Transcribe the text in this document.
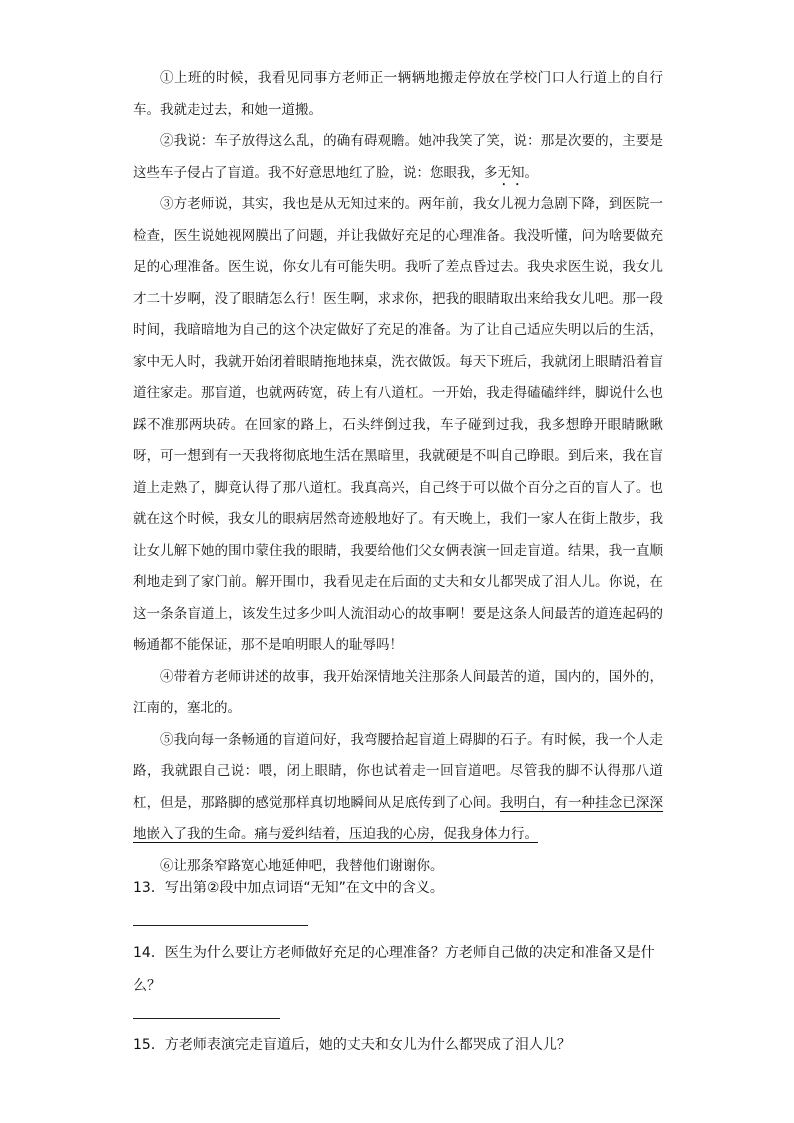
①上班的时候，我看见同事方老师正一辆辆地搬走停放在学校门口人行道上的自行车。我就走过去，和她一道搬。

②我说：车子放得这么乱，的确有碍观瞻。她冲我笑了笑，说：那是次要的，主要是这些车子侵占了盲道。我不好意思地红了脸，说：您眼我，多无知。

③方老师说，其实，我也是从无知过来的。两年前，我女儿视力急剧下降，到医院一检查，医生说她视网膜出了问题，并让我做好充足的心理准备。我没听懂，问为啥要做充足的心理准备。医生说，你女儿有可能失明。我听了差点昏过去。我央求医生说，我女儿才二十岁啊，没了眼睛怎么行！医生啊，求求你，把我的眼睛取出来给我女儿吧。那一段时间，我暗暗地为自己的这个决定做好了充足的准备。为了让自己适应失明以后的生活，家中无人时，我就开始闭着眼睛拖地抹桌，洗衣做饭。每天下班后，我就闭上眼睛沿着盲道往家走。那盲道，也就两砖宽，砖上有八道杠。一开始，我走得磕磕绊绊，脚说什么也踩不准那两块砖。在回家的路上，石头绊倒过我，车子碰到过我，我多想睁开眼睛瞅瞅呀，可一想到有一天我将彻底地生活在黑暗里，我就硬是不叫自己睁眼。到后来，我在盲道上走熟了，脚竟认得了那八道杠。我真高兴，自己终于可以做个百分之百的盲人了。也就在这个时候，我女儿的眼病居然奇迹般地好了。有天晚上，我们一家人在街上散步，我让女儿解下她的围巾蒙住我的眼睛，我要给他们父女俩表演一回走盲道。结果，我一直顺利地走到了家门前。解开围巾，我看见走在后面的丈夫和女儿都哭成了泪人儿。你说，在这一条条盲道上，该发生过多少叫人流泪动心的故事啊！要是这条人间最苦的道连起码的畅通都不能保证，那不是咱明眼人的耻辱吗！

④带着方老师讲述的故事，我开始深情地关注那条人间最苦的道，国内的，国外的，江南的，塞北的。

⑤我向每一条畅通的盲道问好，我弯腰拾起盲道上碍脚的石子。有时候，我一个人走路，我就跟自己说：喂，闭上眼睛，你也试着走一回盲道吧。尽管我的脚不认得那八道杠，但是，那路脚的感觉那样真切地瞬间从足底传到了心间。我明白，有一种挂念已深深地嵌入了我的生命。痛与爱纠结着，压迫我的心房，促我身体力行。

⑥让那条窄路宽心地延伸吧，我替他们谢谢你。

13．写出第②段中加点词语“无知”在文中的含义。
14．医生为什么要让方老师做好充足的心理准备？方老师自己做的决定和准备又是什么？
15．方老师表演完走盲道后，她的丈夫和女儿为什么都哭成了泪人儿？
